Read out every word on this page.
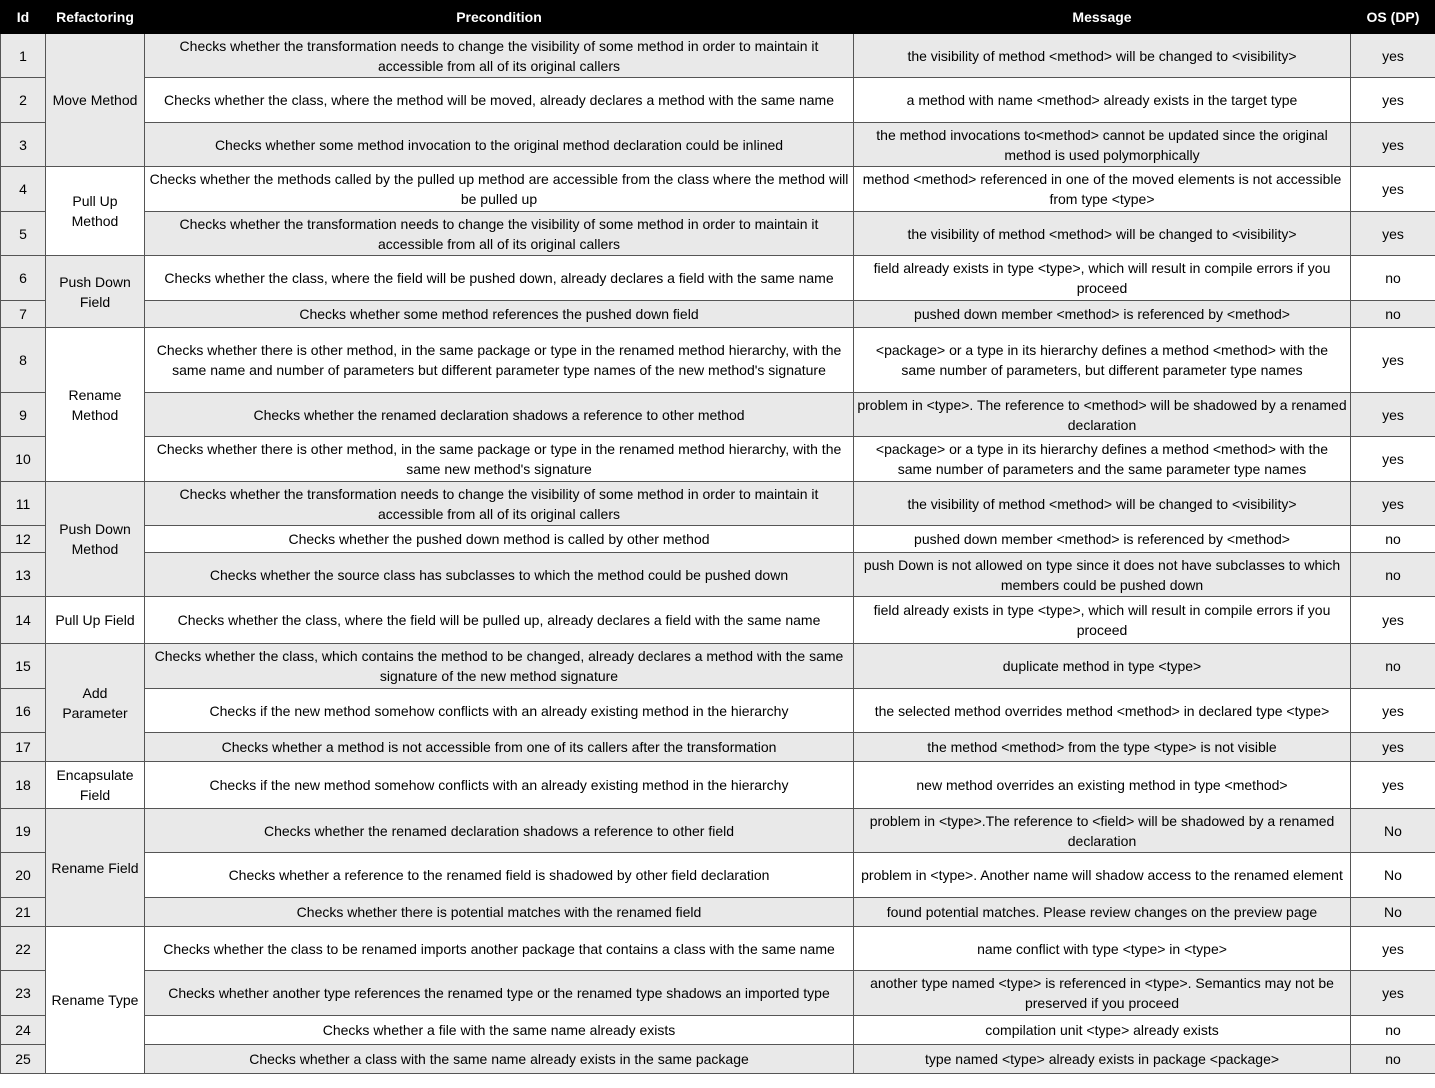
Id	Refactoring	Precondition	Message	OS (DP)
1	Move Method	Checks whether the transformation needs to change the visibility of some method in order to maintain it accessible from all of its original callers	the visibility of method <method> will be changed to <visibility>	yes
2		Checks whether the class, where the method will be moved, already declares a method with the same name	a method with name <method> already exists in the target type	yes
3		Checks whether some method invocation to the original method declaration could be inlined	the method invocations to<method> cannot be updated since the original method is used polymorphically	yes
4	Pull Up Method	Checks whether the methods called by the pulled up method are accessible from the class where the method will be pulled up	method <method> referenced in one of the moved elements is not accessible from type <type>	yes
5		Checks whether the transformation needs to change the visibility of some method in order to maintain it accessible from all of its original callers	the visibility of method <method> will be changed to <visibility>	yes
6	Push Down Field	Checks whether the class, where the field will be pushed down, already declares a field with the same name	field already exists in type <type>, which will result in compile errors if you proceed	no
7		Checks whether some method references the pushed down field	pushed down member <method> is referenced by <method>	no
8	Rename Method	Checks whether there is other method, in the same package or type in the renamed method hierarchy, with the same name and number of parameters but different parameter type names of the new method's signature	<package> or a type in its hierarchy defines a method <method> with the same number of parameters, but different parameter type names	yes
9		Checks whether the renamed declaration shadows a reference to other method	problem in <type>. The reference to <method> will be shadowed by a renamed declaration	yes
10		Checks whether there is other method, in the same package or type in the renamed method hierarchy, with the same new method's signature	<package> or a type in its hierarchy defines a method <method> with the same number of parameters and the same parameter type names	yes
11	Push Down Method	Checks whether the transformation needs to change the visibility of some method in order to maintain it accessible from all of its original callers	the visibility of method <method> will be changed to <visibility>	yes
12		Checks whether the pushed down method is called by other method	pushed down member <method> is referenced by <method>	no
13		Checks whether the source class has subclasses to which the method could be pushed down	push Down is not allowed on type since it does not have subclasses to which members could be pushed down	no
14	Pull Up Field	Checks whether the class, where the field will be pulled up, already declares a field with the same name	field already exists in type <type>, which will result in compile errors if you proceed	yes
15	Add Parameter	Checks whether the class, which contains the method to be changed, already declares a method with the same signature of the new method signature	duplicate method in type <type>	no
16		Checks if the new method somehow conflicts with an already existing method in the hierarchy	the selected method overrides method <method> in declared type <type>	yes
17		Checks whether a method is not accessible from one of its callers after the transformation	the method <method> from the type <type> is not visible	yes
18	Encapsulate Field	Checks if the new method somehow conflicts with an already existing method in the hierarchy	new method overrides an existing method in type <method>	yes
19	Rename Field	Checks whether the renamed declaration shadows a reference to other field	problem in <type>.The reference to <field> will be shadowed by a renamed declaration	No
20		Checks whether a reference to the renamed field is shadowed by other field declaration	problem in <type>. Another name will shadow access to the renamed element	No
21		Checks whether there is potential matches with the renamed field	found potential matches. Please review changes on the preview page	No
22	Rename Type	Checks whether the class to be renamed imports another package that contains a class with the same name	name conflict with type <type> in <type>	yes
23		Checks whether another type references the renamed type or the renamed type shadows an imported type	another type named <type> is referenced in <type>. Semantics may not be preserved if you proceed	yes
24		Checks whether a file with the same name already exists	compilation unit <type> already exists	no
25		Checks whether a class with the same name already exists in the same package	type named <type> already exists in package <package>	no
